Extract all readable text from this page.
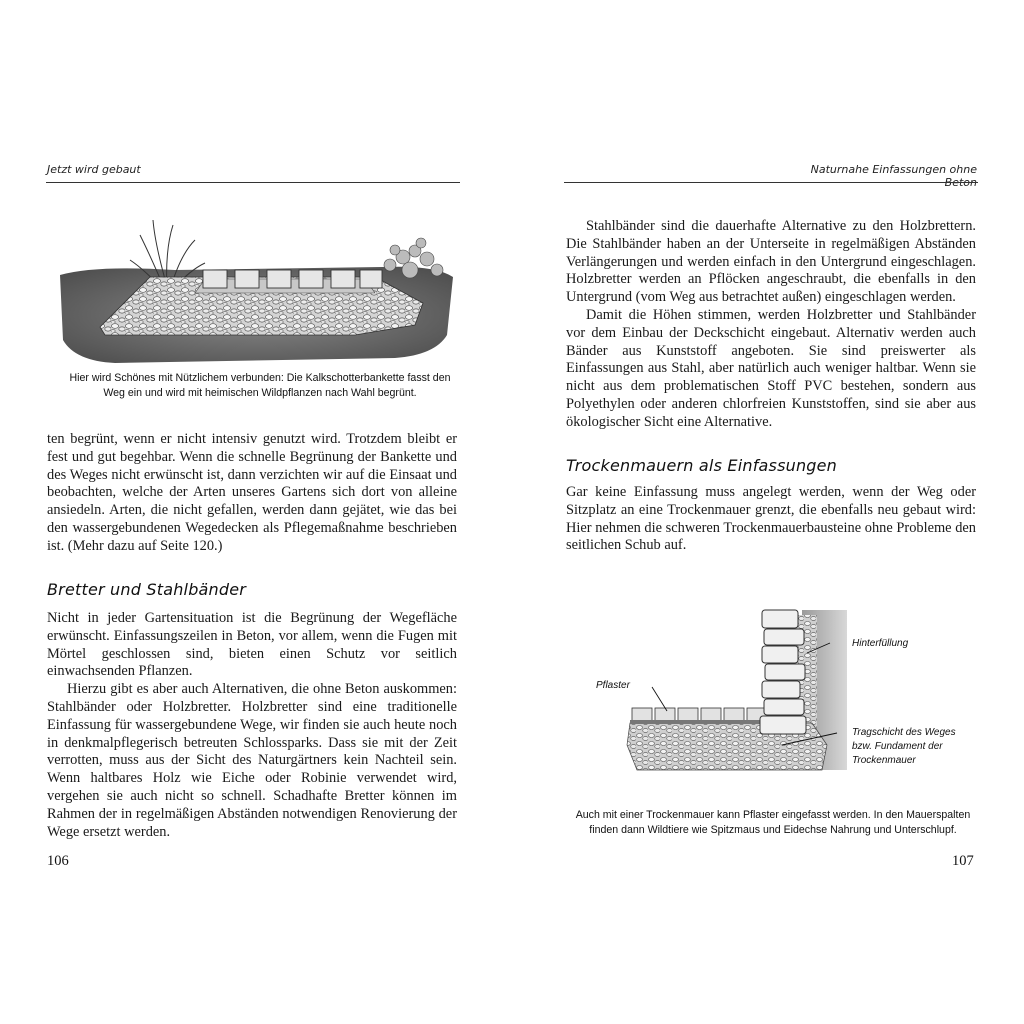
Jetzt wird gebaut
Hier wird Schönes mit Nützlichem verbunden: Die Kalkschotterbankette fasst den Weg ein und wird mit heimischen Wildpflanzen nach Wahl begrünt.

ten begrünt, wenn er nicht intensiv genutzt wird. Trotzdem bleibt er fest und gut begehbar. Wenn die schnelle Begrünung der Bankette und des Weges nicht erwünscht ist, dann verzichten wir auf die Einsaat und beobachten, welche der Arten unseres Gartens sich dort von alleine ansiedeln. Arten, die nicht gefallen, werden dann gejätet, wie das bei den wassergebundenen Wegedecken als Pflegemaßnahme beschrieben ist. (Mehr dazu auf Seite 120.)

Bretter und Stahlbänder

Nicht in jeder Gartensituation ist die Begrünung der Wegefläche erwünscht. Einfassungszeilen in Beton, vor allem, wenn die Fugen mit Mörtel geschlossen sind, bieten einen Schutz vor seitlich einwachsenden Pflanzen.

Hierzu gibt es aber auch Alternativen, die ohne Beton auskommen: Stahlbänder oder Holzbretter. Holzbretter sind eine traditionelle Einfassung für wassergebundene Wege, wir finden sie auch heute noch in denkmalpflegerisch betreuten Schlossparks. Dass sie mit der Zeit verrotten, muss aus der Sicht des Naturgärtners kein Nachteil sein. Wenn haltbares Holz wie Eiche oder Robinie verwendet wird, vergehen sie auch nicht so schnell. Schadhafte Bretter können im Rahmen der in regelmäßigen Abständen notwendigen Renovierung der Wege ersetzt werden.

106
Naturnahe Einfassungen ohne Beton

Stahlbänder sind die dauerhafte Alternative zu den Holzbrettern. Die Stahlbänder haben an der Unterseite in regelmäßigen Abständen Verlängerungen und werden einfach in den Untergrund eingeschlagen. Holzbretter werden an Pflöcken angeschraubt, die ebenfalls in den Untergrund (vom Weg aus betrachtet außen) eingeschlagen werden.

Damit die Höhen stimmen, werden Holzbretter und Stahlbänder vor dem Einbau der Deckschicht eingebaut. Alternativ werden auch Bänder aus Kunststoff angeboten. Sie sind preiswerter als Einfassungen aus Stahl, aber natürlich auch weniger haltbar. Wenn sie nicht aus dem problematischen Stoff PVC bestehen, sondern aus Polyethylen oder anderen chlorfreien Kunststoffen, sind sie aber aus ökologischer Sicht eine Alternative.

Trockenmauern als Einfassungen

Gar keine Einfassung muss angelegt werden, wenn der Weg oder Sitzplatz an eine Trockenmauer grenzt, die ebenfalls neu gebaut wird: Hier nehmen die schweren Trockenmauerbausteine ohne Probleme den seitlichen Schub auf.

Hinterfüllung
Pflaster
Tragschicht des Weges bzw. Fundament der Trockenmauer
Auch mit einer Trockenmauer kann Pflaster eingefasst werden. In den Mauerspalten finden dann Wildtiere wie Spitzmaus und Eidechse Nahrung und Unterschlupf.
107
